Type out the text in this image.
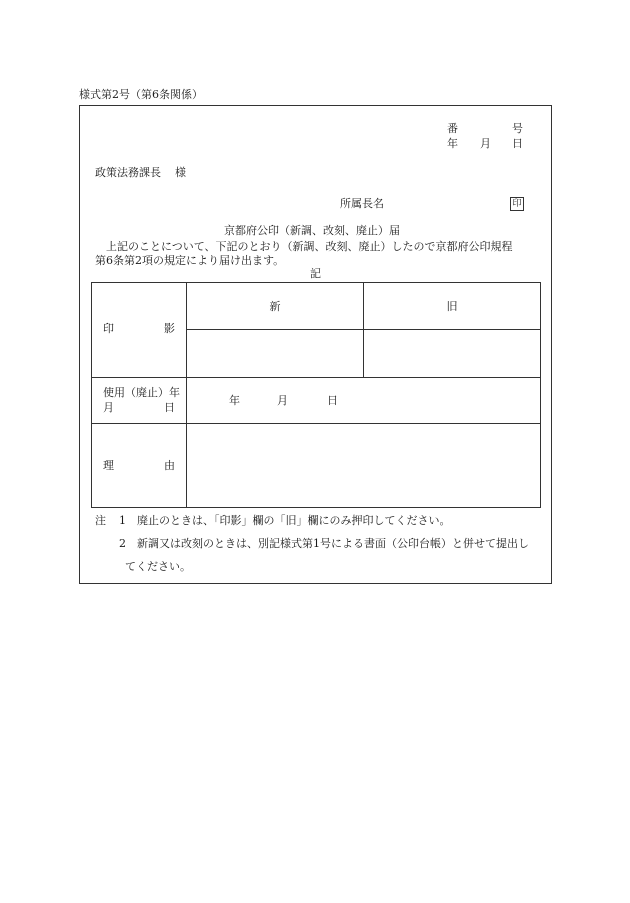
様式第2号（第6条関係）
番	号
年 月 日
政策法務課長 様
所属長名	印
京都府公印（新調、改刻、廃止）届
上記のことについて、下記のとおり（新調、改刻、廃止）したので京都府公印規程
第6条第2項の規定により届け出ます。
記
印 影	新	旧

使用（廃止）年
月 日	年 月 日	

理 由		

注 1 廃止のときは、「印影」欄の「旧」欄にのみ押印してください。
2 新調又は改刻のときは、別記様式第1号による書面（公印台帳）と併せて提出し
てください。
